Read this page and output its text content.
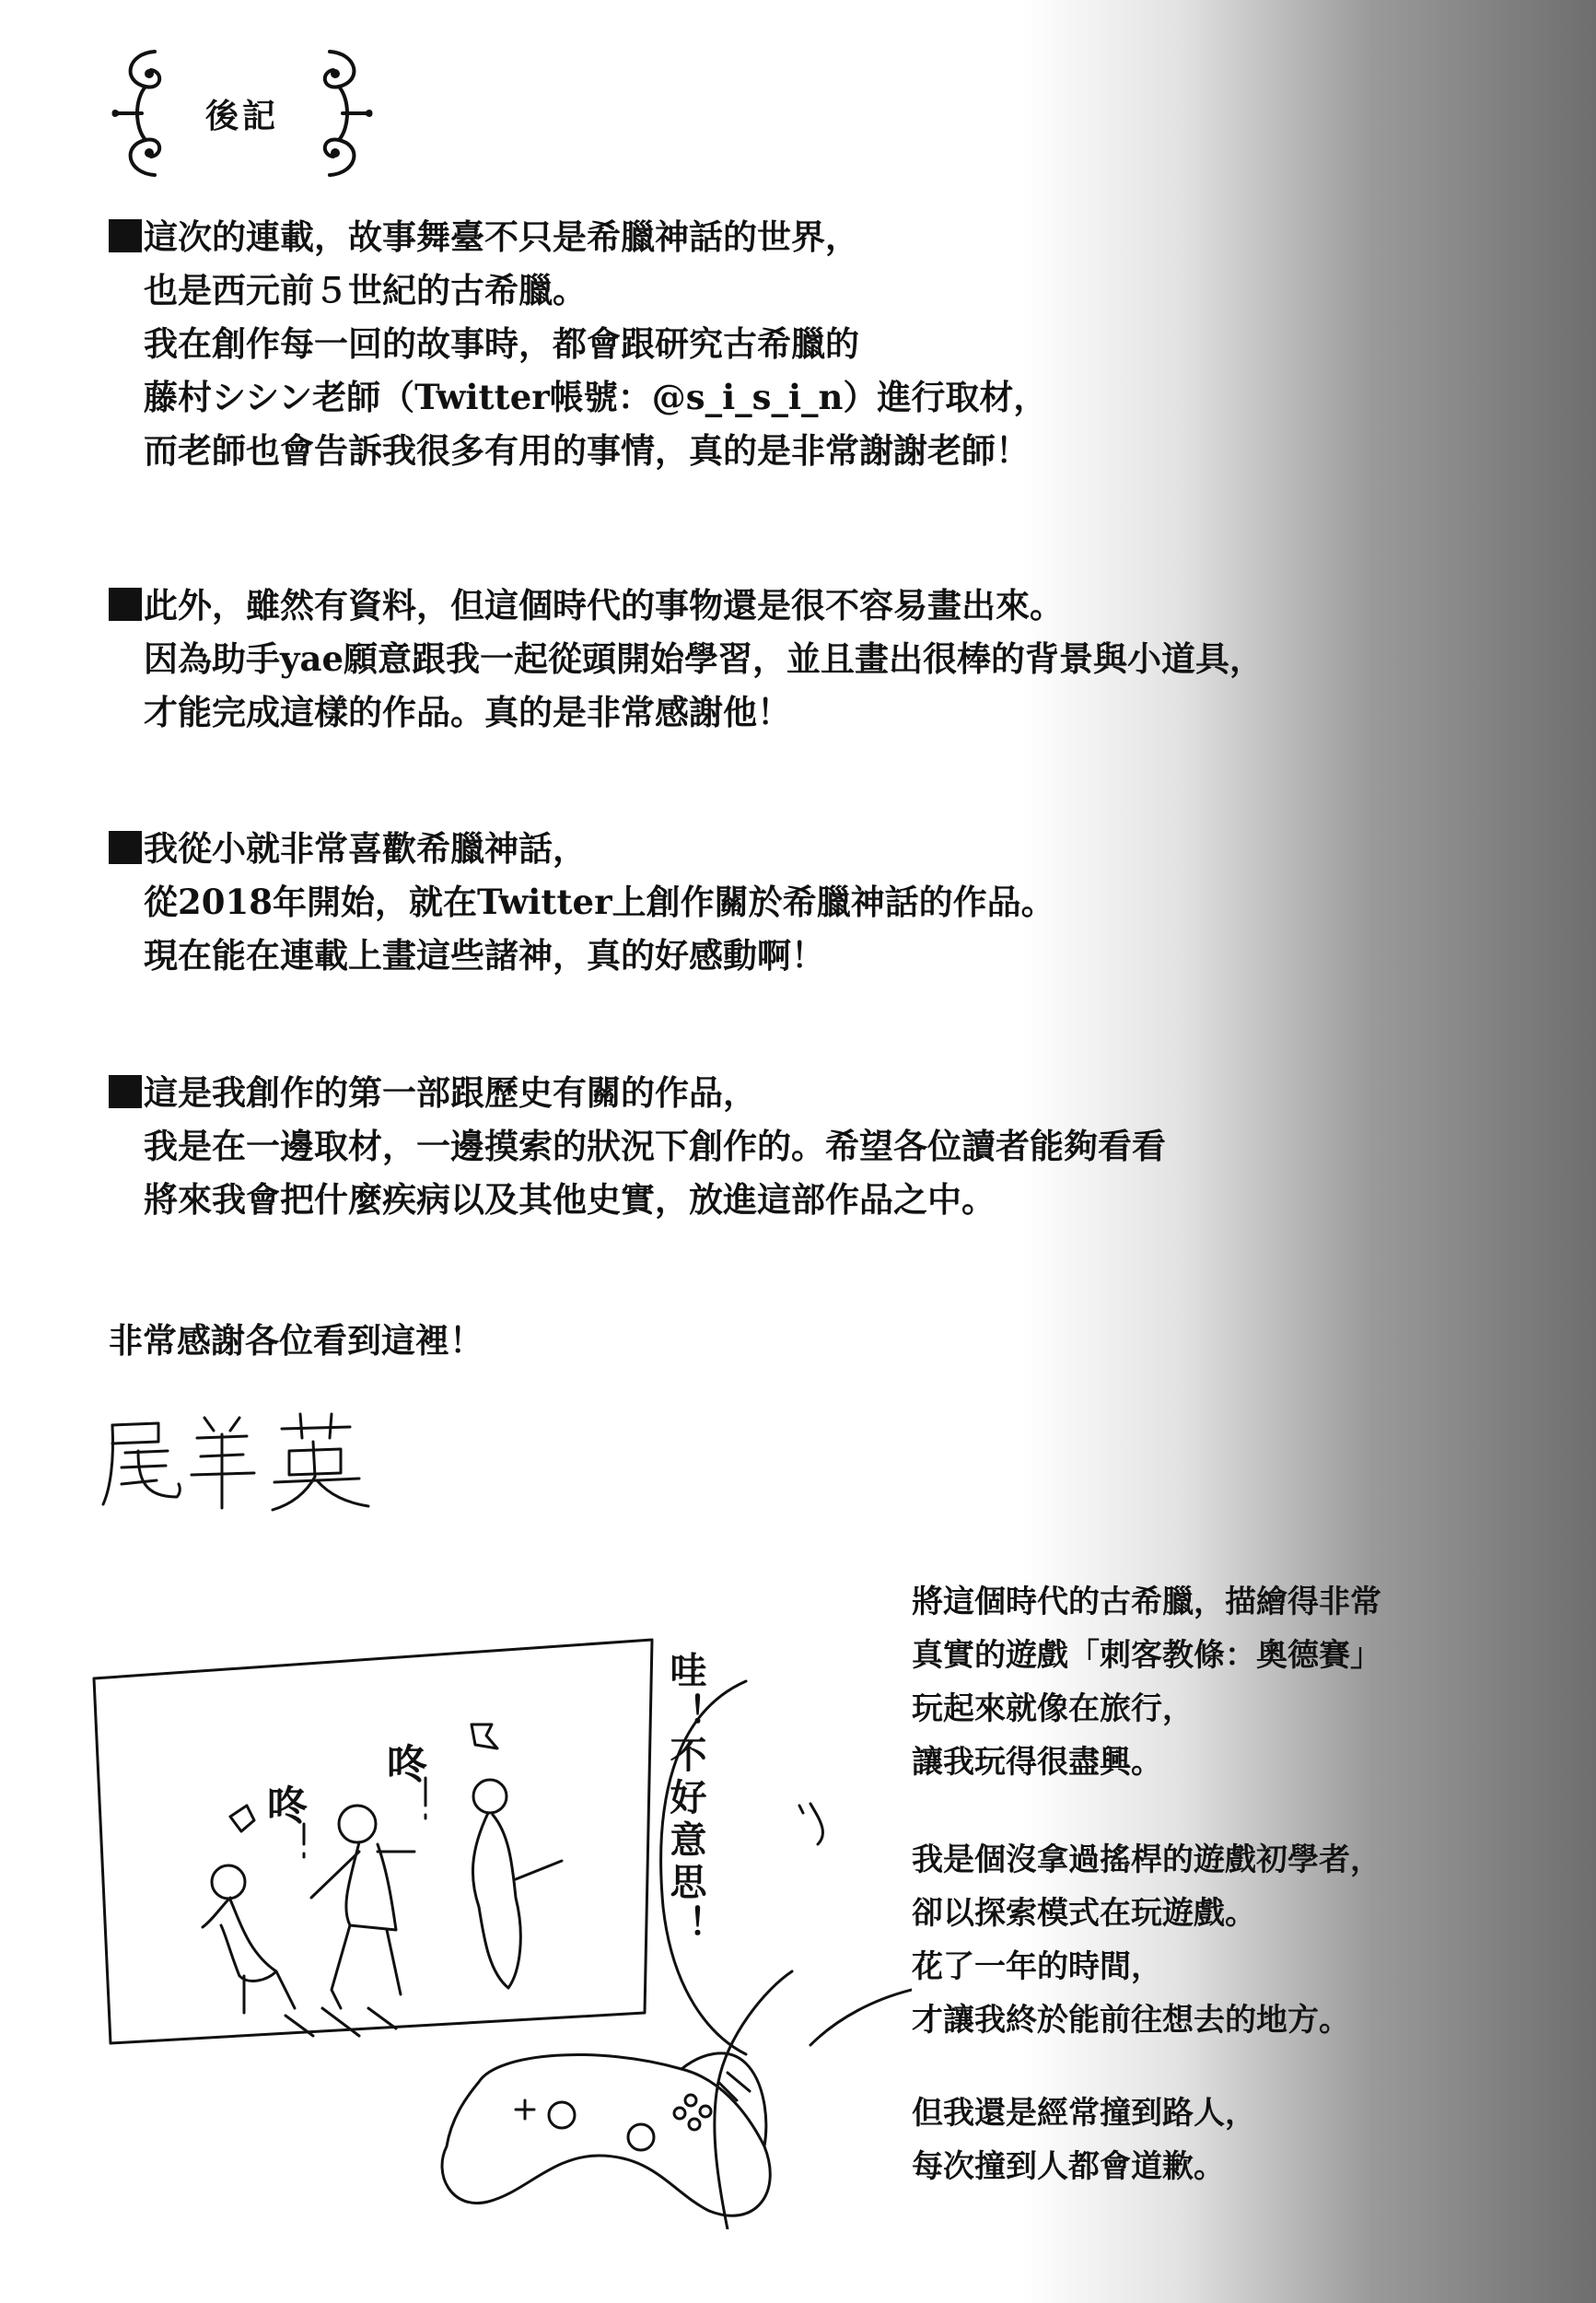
後記
這次的連載，故事舞臺不只是希臘神話的世界，
也是西元前５世紀的古希臘。
我在創作每一回的故事時，都會跟研究古希臘的
藤村シシン老師（Twitter帳號：@s_i_s_i_n）進行取材，
而老師也會告訴我很多有用的事情，真的是非常謝謝老師！
此外，雖然有資料，但這個時代的事物還是很不容易畫出來。
因為助手yae願意跟我一起從頭開始學習，並且畫出很棒的背景與小道具，
才能完成這樣的作品。真的是非常感謝他！
我從小就非常喜歡希臘神話，
從2018年開始，就在Twitter上創作關於希臘神話的作品。
現在能在連載上畫這些諸神，真的好感動啊！
這是我創作的第一部跟歷史有關的作品，
我是在一邊取材，一邊摸索的狀況下創作的。希望各位讀者能夠看看
將來我會把什麼疾病以及其他史實，放進這部作品之中。
非常感謝各位看到這裡！
咚
咚	哇！不好意思！
將這個時代的古希臘，描繪得非常
真實的遊戲「刺客教條：奧德賽」
玩起來就像在旅行，
讓我玩得很盡興。
我是個沒拿過搖桿的遊戲初學者，
卻以探索模式在玩遊戲。
花了一年的時間，
才讓我終於能前往想去的地方。
但我還是經常撞到路人，
每次撞到人都會道歉。
